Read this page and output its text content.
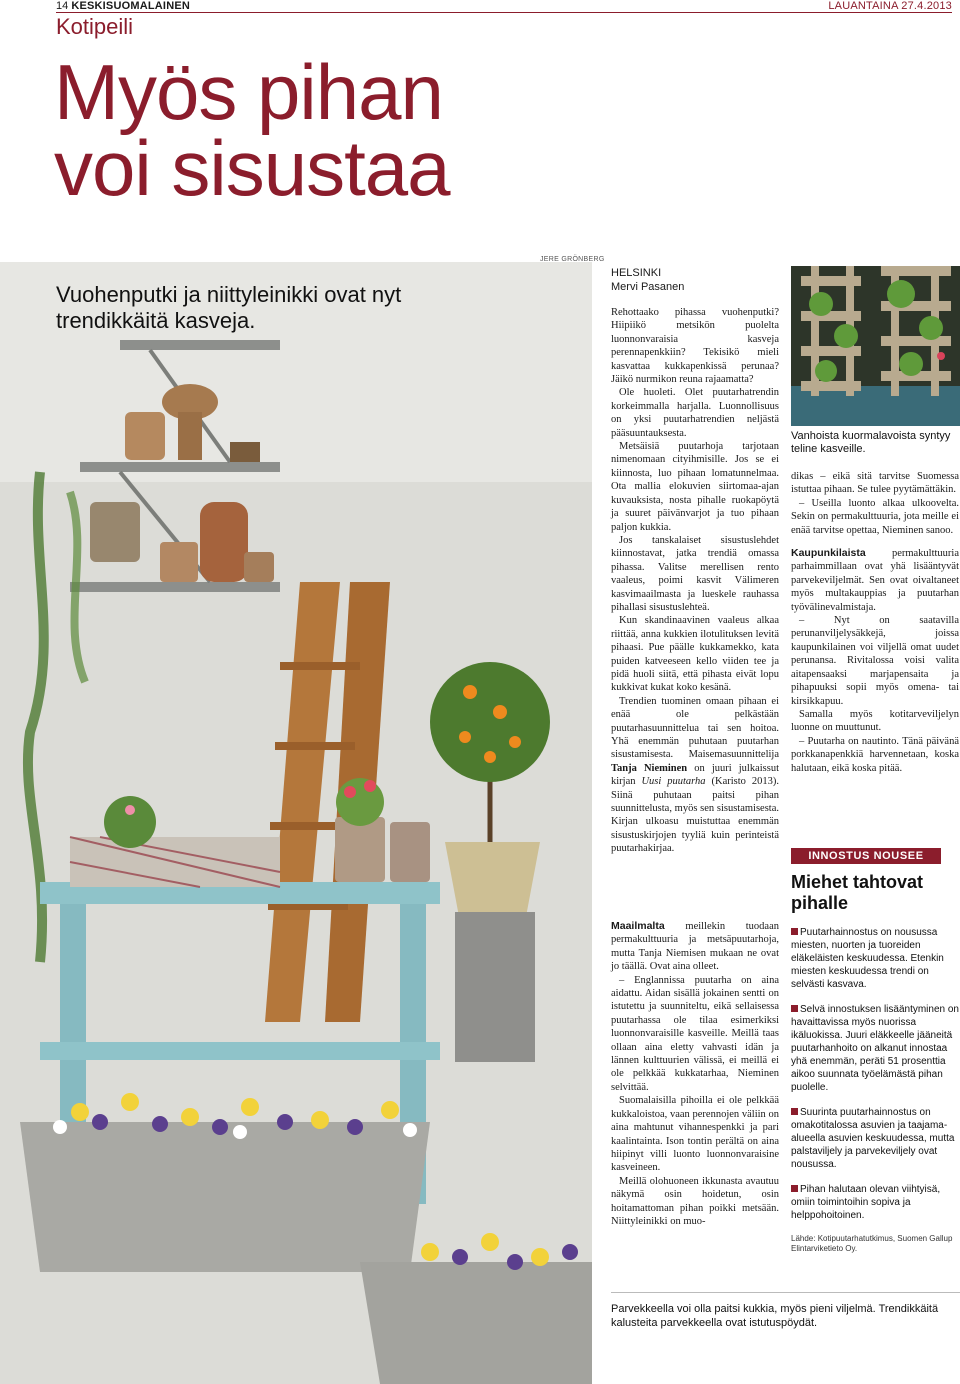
14 KESKISUOMALAINEN	LAUANTAINA 27.4.2013
Kotipeili
Myös pihan
voi sisustaa
JERE GRÖNBERG
Vuohenputki ja niittyleinikki ovat nyt trendikkäitä kasveja.
HELSINKI
Mervi Pasanen

Rehottaako pihassa vuohenputki? Hiipiikö metsikön puolelta luonnonvaraisia kasveja perennapenkkiin? Tekisikö mieli kasvattaa kukkapenkissä perunaa? Jäikö nurmikon reuna rajaamatta?

Ole huoleti. Olet puutarhatrendin korkeimmalla harjalla. Luonnollisuus on yksi puutarhatrendien neljästä pääsuuntauksesta.

Metsäisiä puutarhoja tarjotaan nimenomaan cityihmisille. Jos se ei kiinnosta, luo pihaan lomatunnelmaa. Ota mallia elokuvien siirtomaa-ajan kuvauksista, nosta pihalle ruokapöytä ja suuret päivänvarjot ja tuo pihaan paljon kukkia.

Jos tanskalaiset sisustuslehdet kiinnostavat, jatka trendiä omassa pihassa. Valitse merellisen rento vaaleus, poimi kasvit Välimeren kasvimaailmasta ja lueskele rauhassa pihallasi sisustuslehteä.

Kun skandinaavinen vaaleus alkaa riittää, anna kukkien ilotulituksen levitä pihaasi. Pue päälle kukkamekko, kata puiden katveeseen kello viiden tee ja pidä huoli siitä, että pihasta eivät lopu kukkivat kukat koko kesänä.

Trendien tuominen omaan pihaan ei enää ole pelkästään puutarhasuunnittelua tai sen hoitoa. Yhä enemmän puhutaan puutarhan sisustamisesta. Maisemasuunnittelija Tanja Nieminen on juuri julkaissut kirjan Uusi puutarha (Karisto 2013). Siinä puhutaan paitsi pihan suunnittelusta, myös sen sisustamisesta. Kirjan ulkoasu muistuttaa enemmän sisustuskirjojen tyyliä kuin perinteistä puutarhakirjaa.

Maailmalta meillekin tuodaan permakulttuuria ja metsäpuutarhoja, mutta Tanja Niemisen mukaan ne ovat jo täällä. Ovat aina olleet.

– Englannissa puutarha on aina aidattu. Aidan sisällä jokainen sentti on istutettu ja suunniteltu, eikä sellaisessa puutarhassa ole tilaa esimerkiksi luonnonvaraisille kasveille. Meillä taas ollaan aina eletty vahvasti idän ja lännen kulttuurien välissä, ei meillä ei ole pelkkää kukkatarhaa, Nieminen selvittää.

Suomalaisilla pihoilla ei ole pelkkää kukkaloistoa, vaan perennojen väliin on aina mahtunut vihannespenkki ja pari kaalintainta. Ison tontin perältä on aina hiipinyt villi luonto luonnonvaraisine kasveineen.

Meillä olohuoneen ikkunasta avautuu näkymä osin hoidetun, osin hoitamattoman pihan poikki metsään. Niittyleinikki on muo-

Vanhoista kuormalavoista syntyy teline kasveille.

dikas – eikä sitä tarvitse Suomessa istuttaa pihaan. Se tulee pyytämättäkin.

– Useilla luonto alkaa ulkoovelta. Sekin on permakulttuuria, jota meille ei enää tarvitse opettaa, Nieminen sanoo.

Kaupunkilaista	permakulttuuria parhaimmillaan ovat yhä lisääntyvät parvekeviljelmät. Sen ovat oivaltaneet myös multakauppias ja puutarhan työvälinevalmistaja.

– Nyt on saatavilla perunanviljelysäkkejä, joissa kaupunkilainen voi viljellä omat uudet perunansa. Rivitalossa voisi valita aitapensaaksi marjapensaita ja pihapuuksi sopii myös omena- tai kirsikkapuu.

Samalla myös kotitarveviljelyn luonne on muuttunut.

– Puutarha on nautinto. Tänä päivänä porkkanapenkkiä harvennetaan, koska halutaan, eikä koska pitää.

INNOSTUS NOUSEE
Miehet tahtovat pihalle
Puutarhainnostus on nousussa miesten, nuorten ja tuoreiden eläkeläisten keskuudessa. Etenkin miesten keskuudessa trendi on selvästi kasvava.
Selvä innostuksen lisääntyminen on havaittavissa myös nuorissa ikäluokissa. Juuri eläkkeelle jääneitä puutarhanhoito on alkanut innostaa yhä enemmän, peräti 51 prosenttia aikoo suunnata työelämästä pihan puolelle.
Suurinta puutarhainnostus on omakotitalossa asuvien ja taajama-alueella asuvien keskuudessa, mutta palstaviljely ja parvekeviljely ovat nousussa.
Pihan halutaan olevan viihtyisä, omiin toimintoihin sopiva ja helppohoitoinen.
Lähde: Kotipuutarhatutkimus, Suomen Gallup Elintarviketieto Oy.
Parvekkeella voi olla paitsi kukkia, myös pieni viljelmä. Trendikkäitä kalusteita parvekkeella ovat istutuspöydät.
